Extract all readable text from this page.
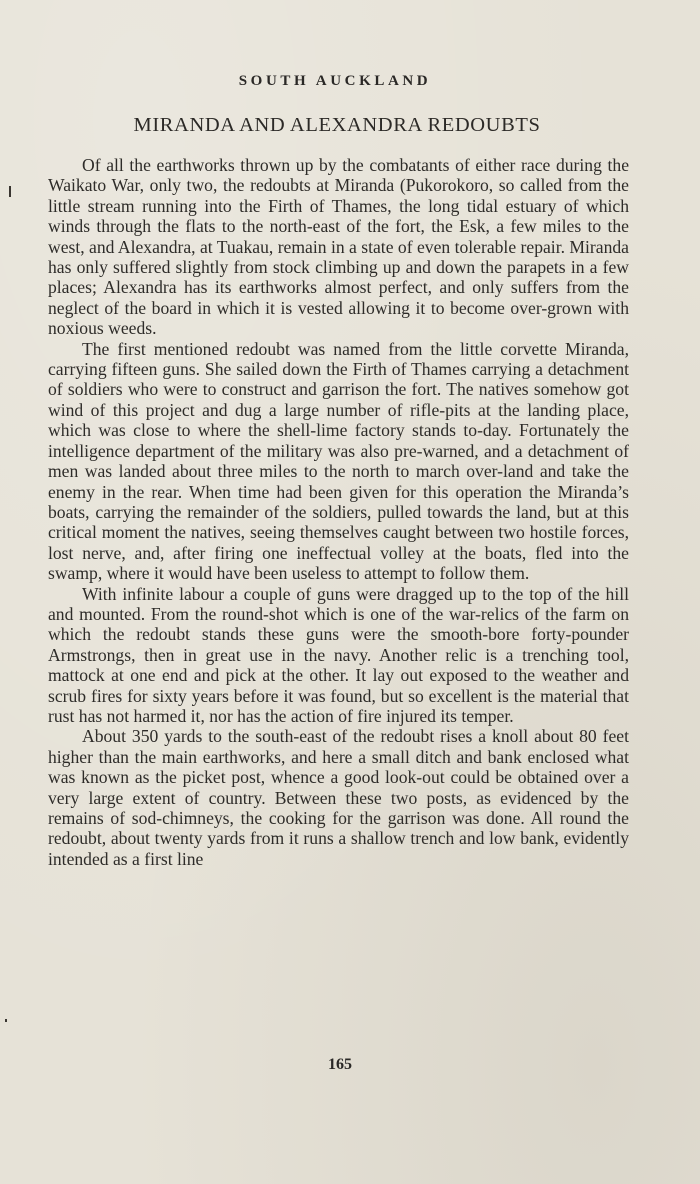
SOUTH AUCKLAND
MIRANDA AND ALEXANDRA REDOUBTS

Of all the earthworks thrown up by the combatants of either race during the Waikato War, only two, the redoubts at Miranda (Pukorokoro, so called from the little stream running into the Firth of Thames, the long tidal estuary of which winds through the flats to the north-east of the fort, the Esk, a few miles to the west, and Alexandra, at Tuakau, remain in a state of even tolerable repair. Miranda has only suffered slightly from stock climbing up and down the parapets in a few places; Alexandra has its earthworks almost perfect, and only suffers from the neglect of the board in which it is vested allowing it to become over-grown with noxious weeds.

The first mentioned redoubt was named from the little corvette Miranda, carrying fifteen guns. She sailed down the Firth of Thames carrying a detachment of soldiers who were to construct and garrison the fort. The natives somehow got wind of this project and dug a large number of rifle-pits at the landing place, which was close to where the shell-lime factory stands to-day. Fortunately the intelligence department of the military was also pre-warned, and a detachment of men was landed about three miles to the north to march over-land and take the enemy in the rear. When time had been given for this operation the Miranda’s boats, carrying the remainder of the soldiers, pulled towards the land, but at this critical moment the natives, seeing themselves caught between two hostile forces, lost nerve, and, after firing one ineffectual volley at the boats, fled into the swamp, where it would have been useless to attempt to follow them.

With infinite labour a couple of guns were dragged up to the top of the hill and mounted. From the round-shot which is one of the war-relics of the farm on which the redoubt stands these guns were the smooth-bore forty-pounder Armstrongs, then in great use in the navy. Another relic is a trenching tool, mattock at one end and pick at the other. It lay out exposed to the weather and scrub fires for sixty years before it was found, but so excellent is the material that rust has not harmed it, nor has the action of fire injured its temper.

About 350 yards to the south-east of the redoubt rises a knoll about 80 feet higher than the main earthworks, and here a small ditch and bank enclosed what was known as the picket post, whence a good look-out could be obtained over a very large extent of country. Between these two posts, as evidenced by the remains of sod-chimneys, the cooking for the garrison was done. All round the redoubt, about twenty yards from it runs a shallow trench and low bank, evidently intended as a first line

165
